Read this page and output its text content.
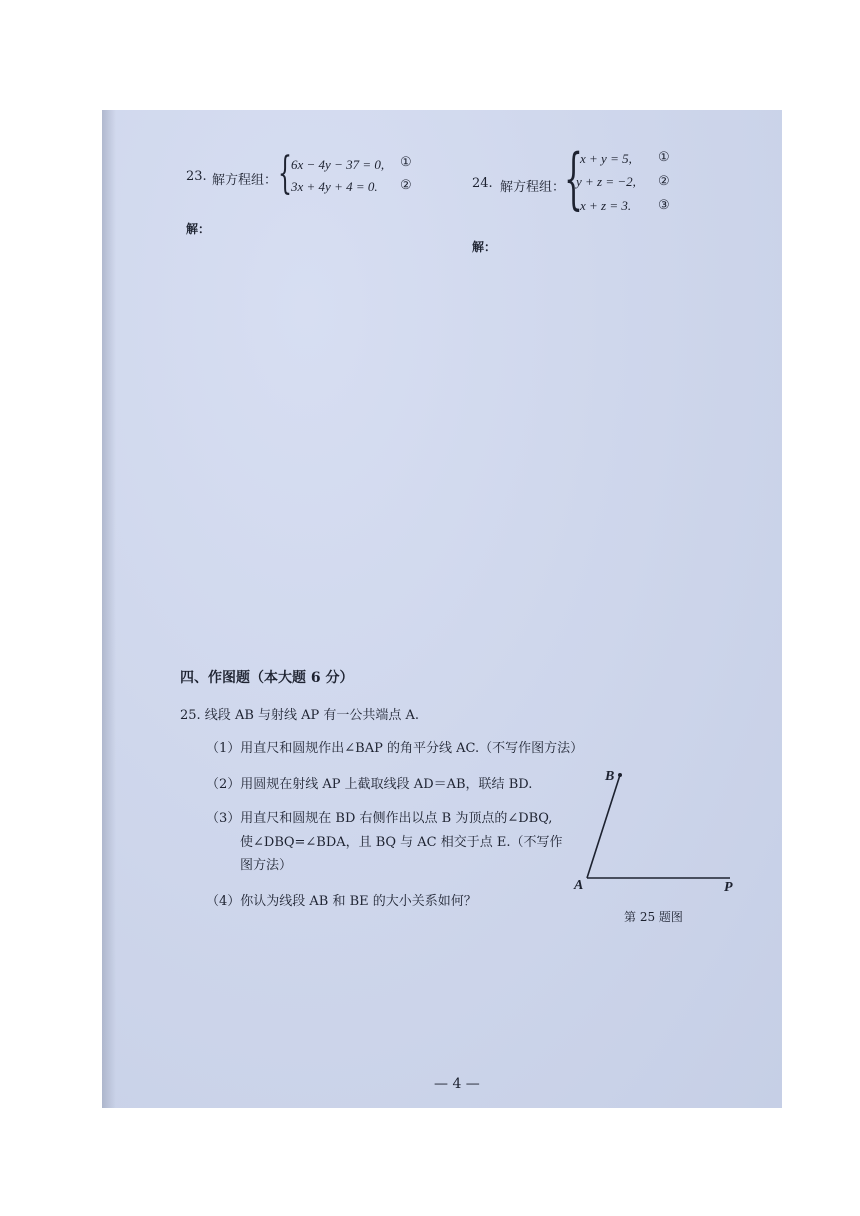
23. 解方程组： { 6x − 4y − 37 = 0, ①
3x + 4y + 4 = 0. ②
解：
24. 解方程组：
{
x + y = 5, ①
y + z = −2, ②
x + z = 3. ③
解：
四、作图题（本大题 6 分）
25. 线段 AB 与射线 AP 有一公共端点 A.
（1）用直尺和圆规作出∠BAP 的角平分线 AC.（不写作图方法）
（2）用圆规在射线 AP 上截取线段 AD＝AB，联结 BD.
（3）用直尺和圆规在 BD 右侧作出以点 B 为顶点的∠DBQ,
使∠DBQ=∠BDA，且 BQ 与 AC 相交于点 E.（不写作
图方法）
（4）你认为线段 AB 和 BE 的大小关系如何？
B
A	P
第 25 题图
— 4 —
